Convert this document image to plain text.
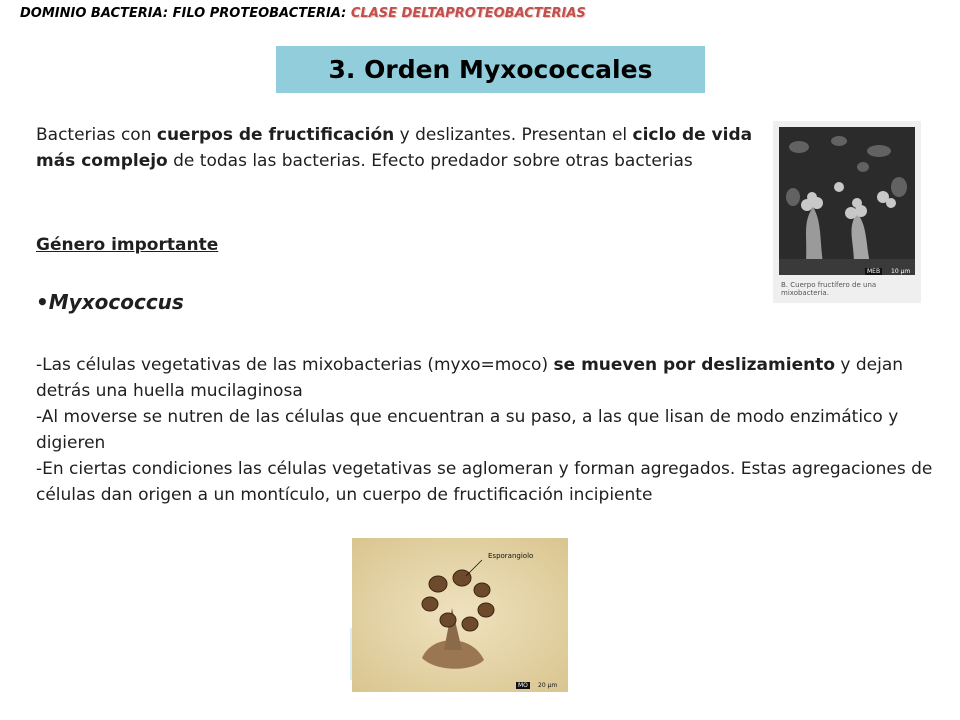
DOMINIO BACTERIA: FILO PROTEOBACTERIA: CLASE DELTAPROTEOBACTERIAS
3. Orden Myxococcales
Bacterias con cuerpos de fructificación y deslizantes. Presentan el ciclo de vida más complejo de todas las bacterias. Efecto predador sobre otras bacterias
Género importante
•Myxococcus

-Las células vegetativas de las mixobacterias (myxo=moco) se mueven por deslizamiento y dejan detrás una huella mucilaginosa

-Al moverse se nutren de las células que encuentran a su paso, a las que lisan de modo enzimático y digieren

-En ciertas condiciones las células vegetativas se aglomeran y forman agregados. Estas agregaciones de células dan origen a un montículo, un cuerpo de fructificación incipiente

MEB	10 µm
B. Cuerpo fructífero de una mixobacteria.
Esporangiolo
MO	20 µm
